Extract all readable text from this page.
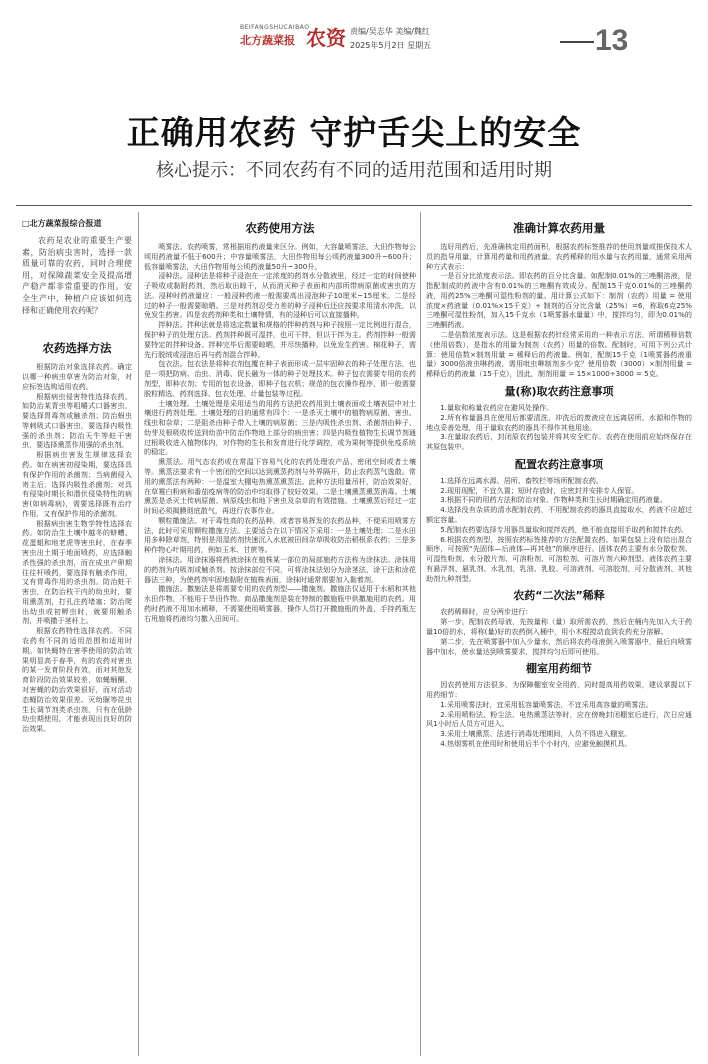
BEIFANGSHUCAIBAO
北方蔬菜报 农资 责编/吴志华 美编/魏红
2025年5月2日 星期五	13
正确用农药 守护舌尖上的安全
核心提示：不同农药有不同的适用范围和适用时期
□北方蔬菜报综合报道

农药是农业的重要生产要素，防治病虫害时，选择一款质量可靠的农药，同时合理使用，对保障蔬菜安全及提高增产稳产都非常重要的作用。安全生产中，种植户应该如何选择和正确使用农药呢？

农药选择方法

根据防治对象选择农药。确定以哪一种病虫草害为防治对象，对应标签选购适用农药。

根据病虫侵害特性选择农药。如防治某青虫等咀嚼式口器害虫，要选择胃毒剂或触杀剂；防治蚜虫等刺吸式口器害虫，要选择内吸性强的杀虫剂；防治天牛等蛀干害虫，要选择熏蒸作用强的杀虫剂。

根据病虫害发生规律选择农药。如在病害初侵染期，要选择具有保护作用的杀菌剂；当病菌侵入寄主后，选择内吸性杀菌剂；对具有侵染时期长和潜伏侵染特性的病害(如病毒病)，需要选择既有治疗作用，又有保护作用的杀菌剂。

根据病虫害生物学特性选择农药。如防治生土壤中越冬的蛴螬、花蛋蛆和地老虎等害虫时，在春季害虫出土期于地面喷药，应选择触杀性强的杀虫剂，而在成虫产卵期往往杆喷药，要选择有触杀作用，又有胃毒作用的杀虫剂。防治蛀干害虫，在防治枝干内的幼虫时，要用熏蒸剂，打孔注药堵塞；防治爬出幼虫或初孵虫时，就要用触杀剂，并喷撒于茎秆上。

根据农药特性选择农药。不同农药有不同的适用范围和适用时期。如快蝇特在害季使用的防治效果明显高于春季，有的农药对害虫的某一发育阶段有效，而对其他发育阶段防治效果较差，如蝇蛹酮，对害蝇的防治效果很好，而对活动态蝇防治效果很差。灭幼脲等昆虫生长调节剂类杀虫剂，只有在低龄幼虫期使用，才能表现出良好的防治效果。

农药使用方法

喷雾法。农药喷雾，常根据用药液量来区分。例如，大容量喷雾法，大田作物每公顷用药液量不低于600升；中容量喷雾法，大田作物用每公顷药液量300升~600升；低容量喷雾法，大田作物用每公顷药液量50升~300升。

浸种法。浸种法是将种子浸泡在一定浓度的药剂水分散液里，经过一定的时间使种子吸收或黏附药剂，然后取出晾干，从而消灭种子表面和内部所带病原菌或害虫的方法。浸种时药液量应：一般浸种药液一般需要高出浸泡种子10厘米~15厘米。二是经过的种子一般需要晾晒。三是对药剂忍受力差的种子浸种后还应按要求用清水冲洗，以免发生药害。四是农药剂种类和土壤特情，有的浸种后可以直接播种。

拌种法。拌种法就是将选定数量和规格的拌种药剂与种子按照一定比例进行混合，保护种子的处理方法。药剂拌种既可湿拌，也可干拌，但以干拌为主。药剂拌种一般需要特定的拌种设备。拌种完毕后需要晾晒，并尽快播种，以免发生药害。棉花种子，需先行脱绒或浸泡后再与药剂混合拌种。

包衣法。包衣法是将种衣剂包覆在种子表面形成一层牢固种衣的种子处理方法，也是一项把防病、治虫、消毒、促长融为一体的种子处理技术。种子包衣需要专用的农药剂型，即种衣剂；专用的包衣设备，即种子包衣机；规范的包衣操作程序，即一般需要脱粒精选、药剂选择、包衣处理、计量包装等过程。

土壤处理。土壤处理是采用适当的用药方法把农药用到土壤表面或土壤表层中对土壤进行药剂处理。土壤处理的目的通常有四个：一是杀灭土壤中的植物病原菌、害虫、线虫和杂草；二是阻杀由种子带入土壤的病原菌；三是内吸性杀虫剂、杀菌剂由种子、幼芽及根吸收传送到幼苗中防治作物地上部分的病虫害；四是内吸性植物生长调节剂通过根吸收进入植物体内，对作物的生长和发育进行化学调控，或为果树等提供免疫系统的稳定。

熏蒸法。用气态农药或在常温下容易气化的农药处理农产品、密闭空间或者土壤等。熏蒸法要求有一个密闭的空间以达到熏蒸药剂与外界隔开，防止农药蒸气逸散。常用的熏蒸法有两种：一是温室大棚电热熏蒸熏蒸法。此种方法用量吊杆，防治效果好，在草霉白粉病和番茄疫病等的防治中均取得了较好效果。二是土壤熏蒸熏蒸消毒。土壤熏蒸是杀灭土传病原菌、病原线虫和地下害虫及杂草的有效措施。土壤熏蒸后经过一定时间必须揭膜彻底散气，再进行农事作业。

颗粒撒施法。对于毒性高的农药品种，或者容易挥发的农药品种，不便采用喷雾方法，此时可采用颗粒撒施方法。主要适合在以下情况下采用：一是土壤处理；二是水田用多种除草剂，特别是用湿药剂快速沉入水底被田间杂草吸收防治稻根系农药；三是多种作物心叶期用药，例如玉米、甘蔗等。

涂抹法。用涂抹器将药液涂抹在植株某一部位的局部施药方法称为涂抹法。涂抹用的药剂为内吸剂或触杀剂。按涂抹部位不同，可将涂抹法划分为涂茎法、涂干法和涂花器法三种，为使药剂牢固地黏附在植株表面，涂抹时通常需要加入黏着剂。

撒施法。撒施法是将需要专用的农药剂型——撒施剂。撒施法仅适用于水稻和其他水田作物，不能用于旱田作物。商品撒施剂是装在特制的撒施瓶中供撒施用的农药。用药时药液不用加水稀释，不需要使用喷雾器，操作人员打开撒施瓶的外盖，手持药瓶左右甩施将药液均匀撒入田间可。

准确计算农药用量

选好用药后，先准确核定用药面积，根据农药标签推荐的使用剂量或推保技术人员的指导用量，计算用药量和用药液量。农药稀释的用水量与农药用量，通常采用两种方式表示：

一是百分比浓度表示法。即农药的百分比含量。如配制0.01%的三唑酮溶液，是指配制成的药液中含有0.01%的三唑酮有效成分。配制15千克0.01%的三唑酮药液，用药25%三唑酮可湿性粉剂的量。用计算公式如下：制剂（农药）用量 = 使用浓度×药液量（0.01%×15千克）÷ 制剂的百分比含量（25%）=6，称取6克25%三唑酮可湿性粉剂，加入15千克水（1喷雾器水量量）中，搅拌均匀，即为0.01%的三唑酮药液。

二是倍数浓度表示法。这是根据农药针经常采用的一种表示方法，所谓稀释倍数（使用倍数），是指水的用量为制剂（农药）用量的倍数。配制时，可用下列公式计算：使用倍数×制剂用量 = 稀释后的药液量。例如，配制15千克（1喷雾器药液重量）3000倍液虫啉药液，需用吡虫啉制剂多少克？使用倍数（3000）×制剂用量 = 稀释后的药液量（15千克），因此，制剂用量 = 15×1000÷3000 = 5克。

量(称)取农药注意事项

1.量取和称量农药应在避风处操作。

2.所有称量器具在使用后都要清洗，冲洗后的废液应在远离居所、水源和作物的地点妥善处理，用于量取农药的器具不得作其他用途。

3.在量取农药后，封闭原农药包装并将其安全贮存。农药在使用前应始终保存在其原包装中。

配置农药注意事项

1.选择在远离水源、居所、畜牧栏等场所配制农药。

2.现用现配，不宜久置；短时存放时，应密封并安排专人保管。

3.根据不同的用药方法和防治对象、作物种类和生长时期确定用药液量。

4.选择没有杂质的清水配制农药，不用配制农药的器具直接取水，药液不应超过额定容量。

5.配制农药要选择专用器具量取和搅拌农药，绝不能直接用手取药和搅拌农药。

6.根据农药剂型，按照农药标签推荐的方法配置农药。如果包装上没有给出混合顺序，可按照“先固体—后液体—再其他”的顺序进行。固体农药主要有水分散粒剂、可湿性粉剂、水分散片剂、可溶粉剂、可溶粒剂、可溶片剂六种剂型。液体农药主要有悬浮剂、悬乳剂、水乳剂、乳油、乳胶、可溶液剂、可溶胶剂、可分散液剂、其他助剂九种剂型。

农药“二次法”稀释

农药稀释时，应分两步进行：

第一步，配制农药母液，先按量称（量）取所需农药，然后在桶内先加入大于药量10倍的水，将称(量)好的农药倒入桶中，用小木棍搅动直到农药充分溶解。

第二步，先在喷雾器中加入少量水，然后将农药母液倒入喷雾器中，最后向喷雾器中加水，使水量达到喷雾要求，搅拌均匀后即可使用。

棚室用药细节

因农药使用方法很多，为保障棚室安全用药，同时提高用药效果，建议掌握以下用药细节：

1.采用喷雾法时，宜采用低容量喷雾法，不宜采用高容量的喷雾法。

2.采用喷粉法、粉尘法、电热熏蒸法等时，应在傍晚封闭棚室后进行，次日应通风1小时后人员方可进入。

3.采用土壤熏蒸、法进行消毒处理期间，人员不得进入棚室。

4.热烟雾机在使用时和使用后半个小时内，应避免触摸机具。
